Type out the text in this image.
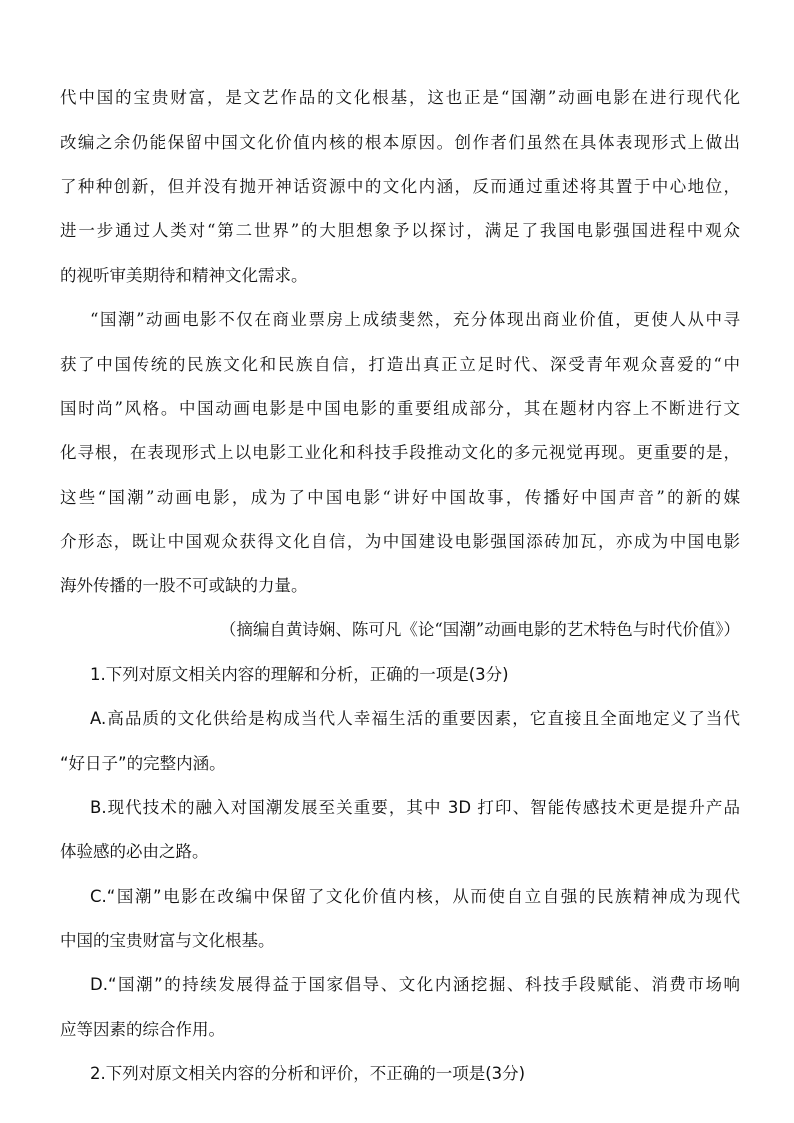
代中国的宝贵财富，是文艺作品的文化根基，这也正是“国潮”动画电影在进行现代化
改编之余仍能保留中国文化价值内核的根本原因。创作者们虽然在具体表现形式上做出
了种种创新，但并没有抛开神话资源中的文化内涵，反而通过重述将其置于中心地位，
进一步通过人类对“第二世界”的大胆想象予以探讨，满足了我国电影强国进程中观众
的视听审美期待和精神文化需求。
“国潮”动画电影不仅在商业票房上成绩斐然，充分体现出商业价值，更使人从中寻
获了中国传统的民族文化和民族自信，打造出真正立足时代、深受青年观众喜爱的“中
国时尚”风格。中国动画电影是中国电影的重要组成部分，其在题材内容上不断进行文
化寻根，在表现形式上以电影工业化和科技手段推动文化的多元视觉再现。更重要的是，
这些“国潮”动画电影，成为了中国电影“讲好中国故事，传播好中国声音”的新的媒
介形态，既让中国观众获得文化自信，为中国建设电影强国添砖加瓦，亦成为中国电影
海外传播的一股不可或缺的力量。
（摘编自黄诗娴、陈可凡《论“国潮”动画电影的艺术特色与时代价值》）
1.下列对原文相关内容的理解和分析，正确的一项是(3分)
A.高品质的文化供给是构成当代人幸福生活的重要因素，它直接且全面地定义了当代
“好日子”的完整内涵。
B.现代技术的融入对国潮发展至关重要，其中 3D 打印、智能传感技术更是提升产品
体验感的必由之路。
C.“国潮”电影在改编中保留了文化价值内核，从而使自立自强的民族精神成为现代
中国的宝贵财富与文化根基。
D.“国潮”的持续发展得益于国家倡导、文化内涵挖掘、科技手段赋能、消费市场响
应等因素的综合作用。
2.下列对原文相关内容的分析和评价，不正确的一项是(3分)
